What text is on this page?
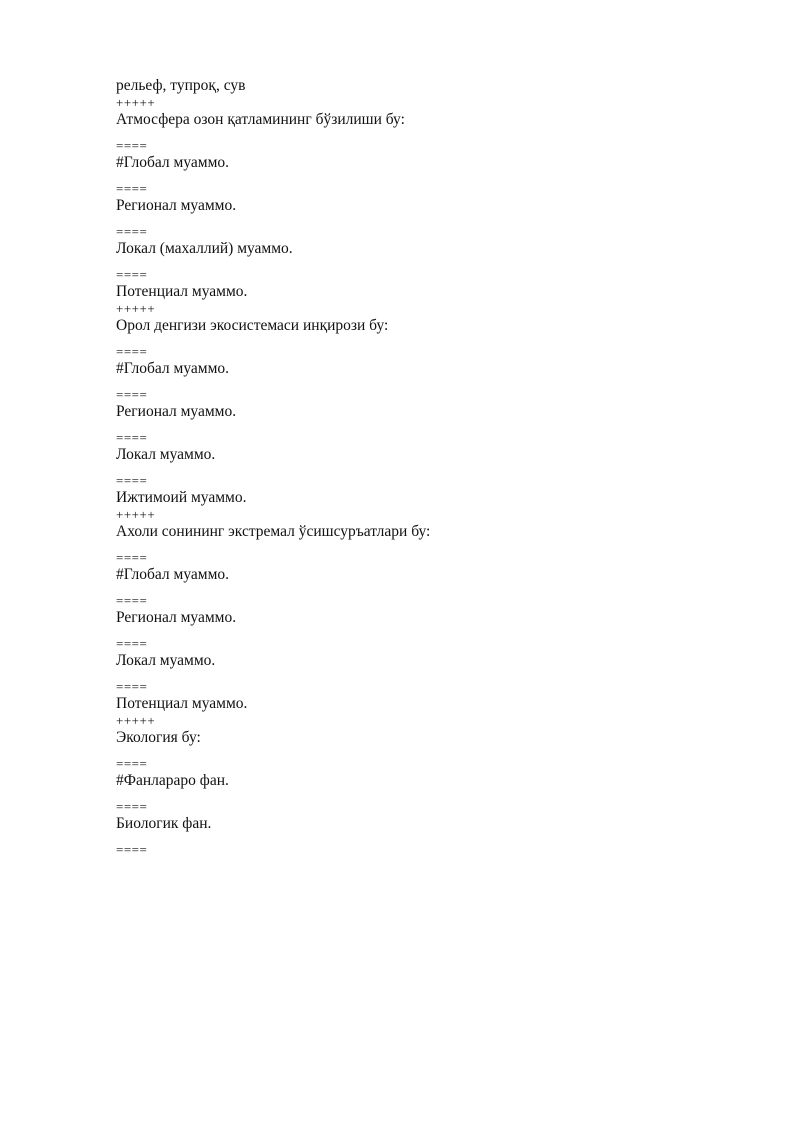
рельеф, тупроқ, сув
+++++
Атмосфера озон қатламининг бўзилиши бу:
====
#Глобал муаммо.
====
Регионал муаммо.
====
Локал (махаллий) муаммо.
====
Потенциал муаммо.
+++++
Орол денгизи экосистемаси инқирози бу:
====
#Глобал муаммо.
====
Регионал муаммо.
====
Локал муаммо.
====
Ижтимоий муаммо.
+++++
Ахоли сонининг экстремал ўсишсуръатлари бу:
====
#Глобал муаммо.
====
Регионал муаммо.
====
Локал муаммо.
====
Потенциал муаммо.
+++++
Экология бу:
====
#Фанлараро фан.
====
Биологик фан.
====
